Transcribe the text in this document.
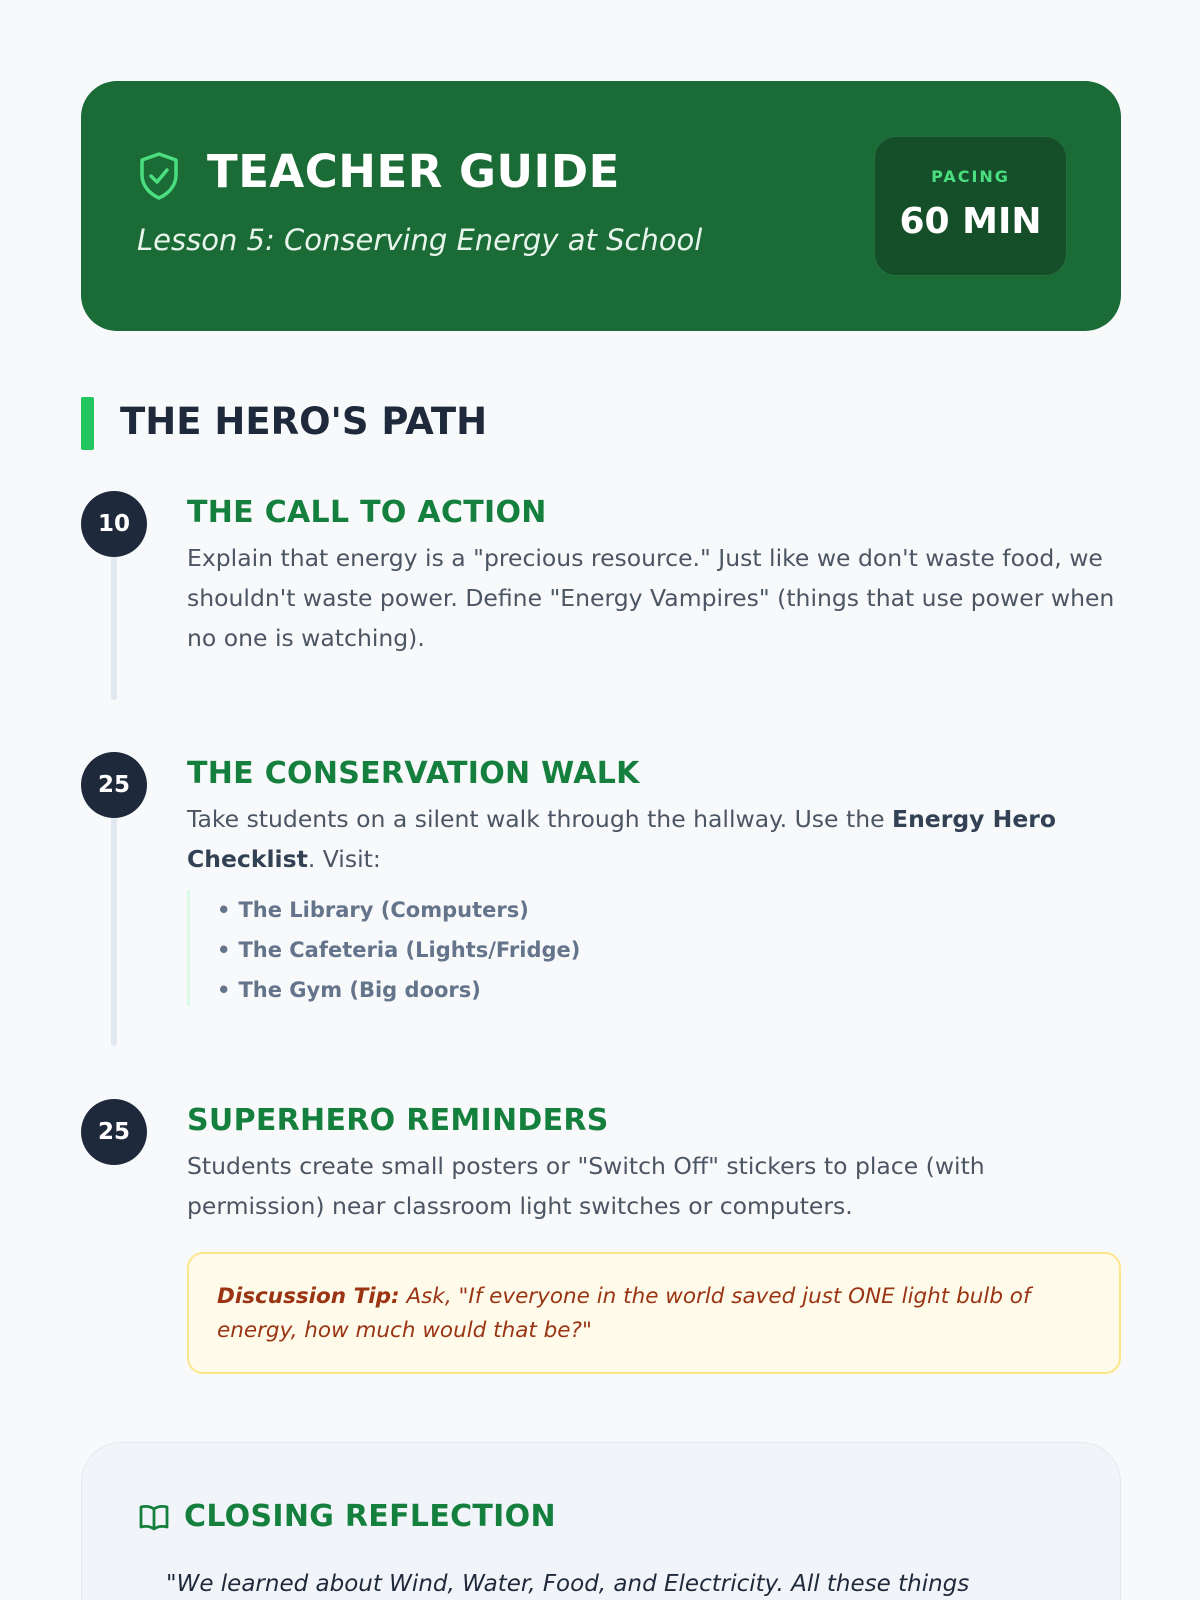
TEACHER GUIDE
Lesson 5: Conserving Energy at School
PACING
60 MIN
THE HERO'S PATH
10	THE CALL TO ACTION
Explain that energy is a "precious resource." Just like we don't waste food, we shouldn't waste power. Define "Energy Vampires" (things that use power when no one is watching).
25	THE CONSERVATION WALK
Take students on a silent walk through the hallway. Use the Energy Hero Checklist. Visit:
• The Library (Computers)
• The Cafeteria (Lights/Fridge)
• The Gym (Big doors)
25	SUPERHERO REMINDERS
Students create small posters or "Switch Off" stickers to place (with permission) near classroom light switches or computers.
Discussion Tip: Ask, "If everyone in the world saved just ONE light bulb of energy, how much would that be?"
CLOSING REFLECTION
"We learned about Wind, Water, Food, and Electricity. All these things
